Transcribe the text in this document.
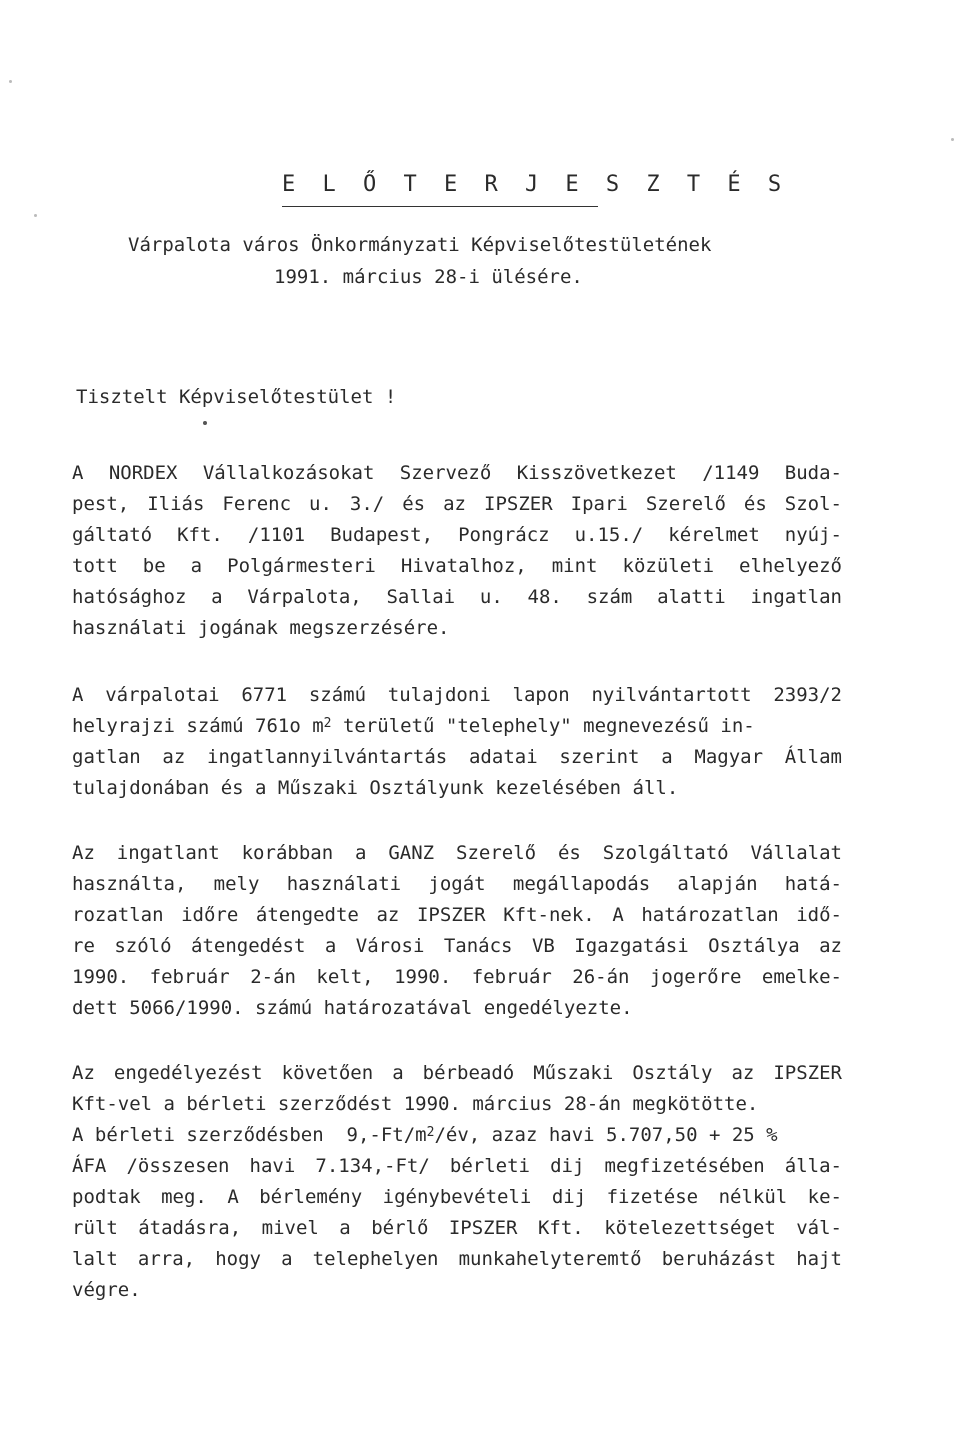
E L Ő T E R J E S Z T É S

Várpalota város Önkormányzati Képviselőtestületének

1991. március 28-i ülésére.

Tisztelt Képviselőtestület !

A NORDEX Vállalkozásokat Szervező Kisszövetkezet /1149 Buda-
pest, Iliás Ferenc u. 3./ és az IPSZER Ipari Szerelő és Szol-
gáltató Kft. /1101 Budapest, Pongrácz u.15./ kérelmet nyúj-
tott be a Polgármesteri Hivatalhoz, mint közületi elhelyező
hatósághoz a Várpalota, Sallai u. 48. szám alatti ingatlan
használati jogának megszerzésére.
A várpalotai 6771 számú tulajdoni lapon nyilvántartott 2393/2
helyrajzi számú 761o $m^2$ területű "telephely" megnevezésű in-
gatlan az ingatlannyilvántartás adatai szerint a Magyar Állam
tulajdonában és a Műszaki Osztályunk kezelésében áll.
Az ingatlant korábban a GANZ Szerelő és Szolgáltató Vállalat
használta, mely használati jogát megállapodás alapján hatá-
rozatlan időre átengedte az IPSZER Kft-nek. A határozatlan idő-
re szóló átengedést a Városi Tanács VB Igazgatási Osztálya az
1990. február 2-án kelt, 1990. február 26-án jogerőre emelke-
dett 5066/1990. számú határozatával engedélyezte.
Az engedélyezést követően a bérbeadó Műszaki Osztály az IPSZER
Kft-vel a bérleti szerződést 1990. március 28-án megkötötte.
A bérleti szerződésben  $9,-Ft/m^2/év$, azaz havi 5.707,50 + 25 %
ÁFA /összesen havi 7.134,-Ft/ bérleti dij megfizetésében álla-
podtak meg. A bérlemény igénybevételi dij fizetése nélkül ke-
rült átadásra, mivel a bérlő IPSZER Kft. kötelezettséget vál-
lalt arra, hogy a telephelyen munkahelyteremtő beruházást hajt
végre.
